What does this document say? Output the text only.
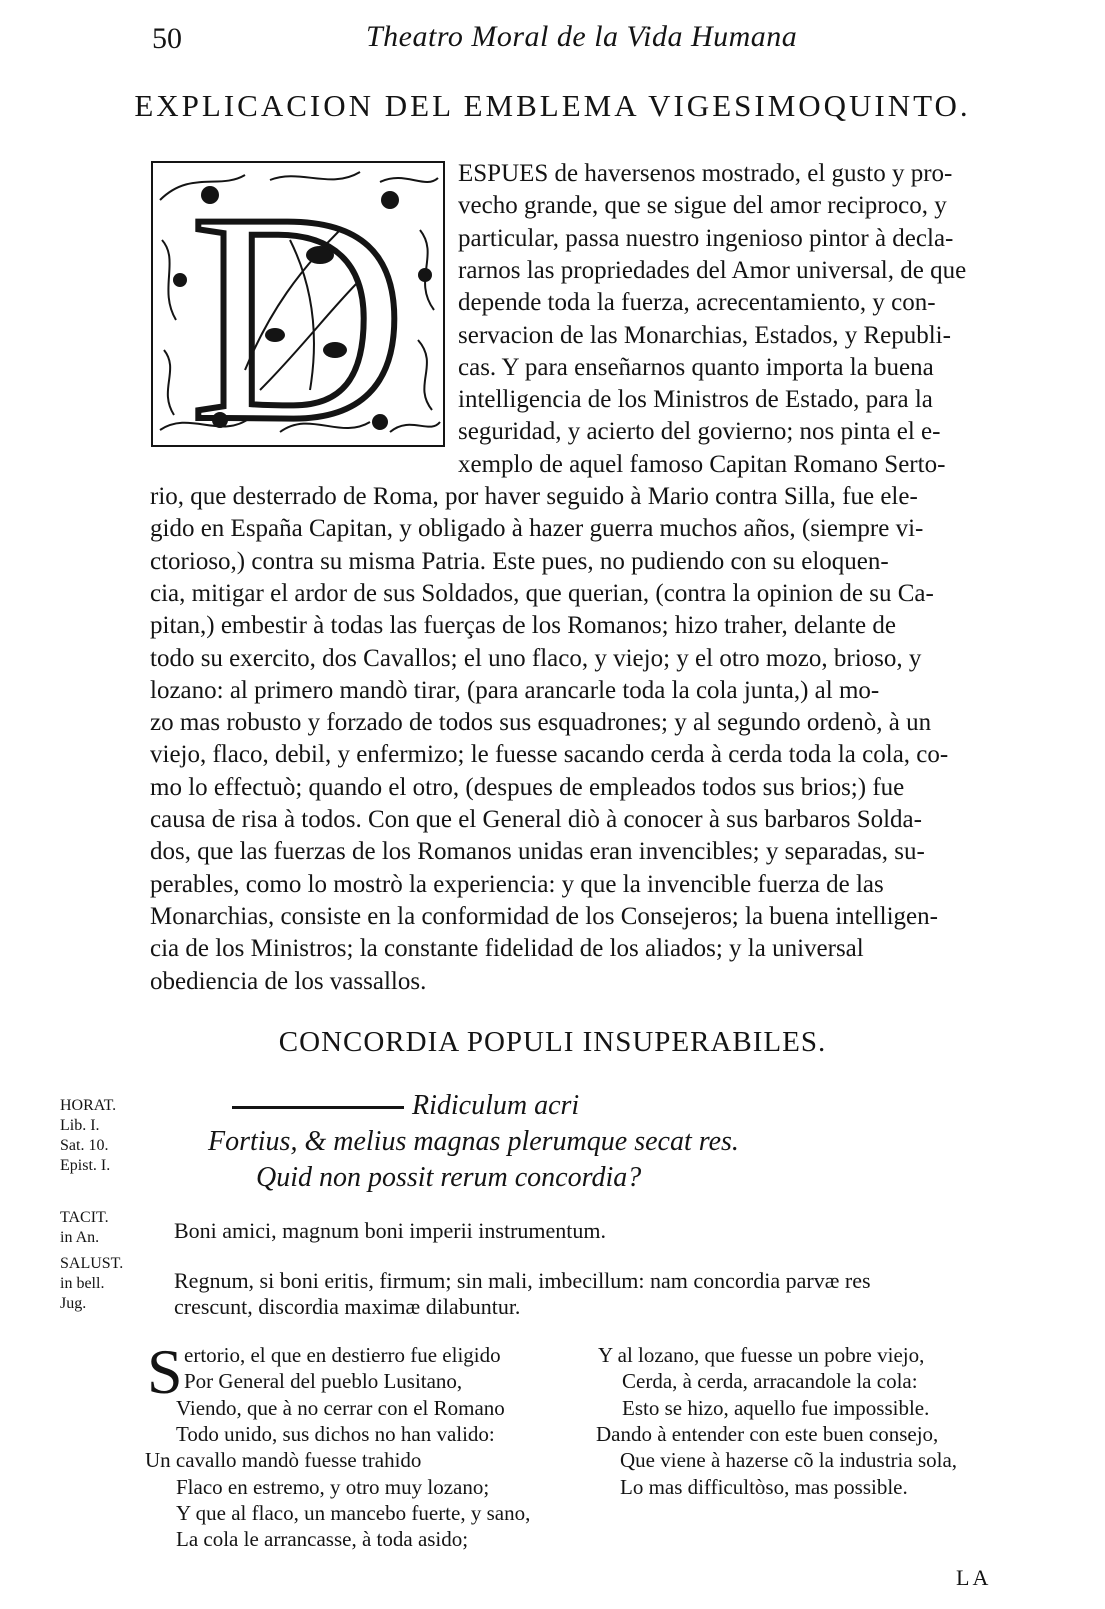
50	Theatro Moral de la Vida Humana
EXPLICACION DEL EMBLEMA VIGESIMOQUINTO.
D ESPUES de haversenos mostrado, el gusto y pro-
vecho grande, que se sigue del amor reciproco, y
particular, passa nuestro ingenioso pintor à decla-
rarnos las propriedades del Amor universal, de que
depende toda la fuerza, acrecentamiento, y con-
servacion de las Monarchias, Estados, y Republi-
cas. Y para enseñarnos quanto importa la buena
intelligencia de los Ministros de Estado, para la
seguridad, y acierto del govierno; nos pinta el e-
xemplo de aquel famoso Capitan Romano Serto-
rio, que desterrado de Roma, por haver seguido à Mario contra Silla, fue ele-
gido en España Capitan, y obligado à hazer guerra muchos años, (siempre vi-
ctorioso,) contra su misma Patria. Este pues, no pudiendo con su eloquen-
cia, mitigar el ardor de sus Soldados, que querian, (contra la opinion de su Ca-
pitan,) embestir à todas las fuerças de los Romanos; hizo traher, delante de
todo su exercito, dos Cavallos; el uno flaco, y viejo; y el otro mozo, brioso, y
lozano: al primero mandò tirar, (para arancarle toda la cola junta,) al mo-
zo mas robusto y forzado de todos sus esquadrones; y al segundo ordenò, à un
viejo, flaco, debil, y enfermizo; le fuesse sacando cerda à cerda toda la cola, co-
mo lo effectuò; quando el otro, (despues de empleados todos sus brios;) fue
causa de risa à todos. Con que el General diò à conocer à sus barbaros Solda-
dos, que las fuerzas de los Romanos unidas eran invencibles; y separadas, su-
perables, como lo mostrò la experiencia: y que la invencible fuerza de las
Monarchias, consiste en la conformidad de los Consejeros; la buena intelligen-
cia de los Ministros; la constante fidelidad de los aliados; y la universal
obediencia de los vassallos.
CONCORDIA POPULI INSUPERABILES.
Ridiculum acri
Fortius, & melius magnas plerumque secat res.
Quid non possit rerum concordia?
HORAT.
Lib. I.
Sat. 10.
Epist. I.
TACIT.
in An.
SALUST.
in bell.
Jug.
Boni amici, magnum boni imperii instrumentum.
Regnum, si boni eritis, firmum; sin mali, imbecillum: nam concordia parvæ res
crescunt, discordia maximæ dilabuntur.
S ertorio, el que en destierro fue eligido
Por General del pueblo Lusitano,
Viendo, que à no cerrar con el Romano
Todo unido, sus dichos no han valido:
Un cavallo mandò fuesse trahido
Flaco en estremo, y otro muy lozano;
Y que al flaco, un mancebo fuerte, y sano,
La cola le arrancasse, à toda asido;
Y al lozano, que fuesse un pobre viejo,
Cerda, à cerda, arracandole la cola:
Esto se hizo, aquello fue impossible.
Dando à entender con este buen consejo,
Que viene à hazerse cõ la industria sola,
Lo mas difficultòso, mas possible.
LA
